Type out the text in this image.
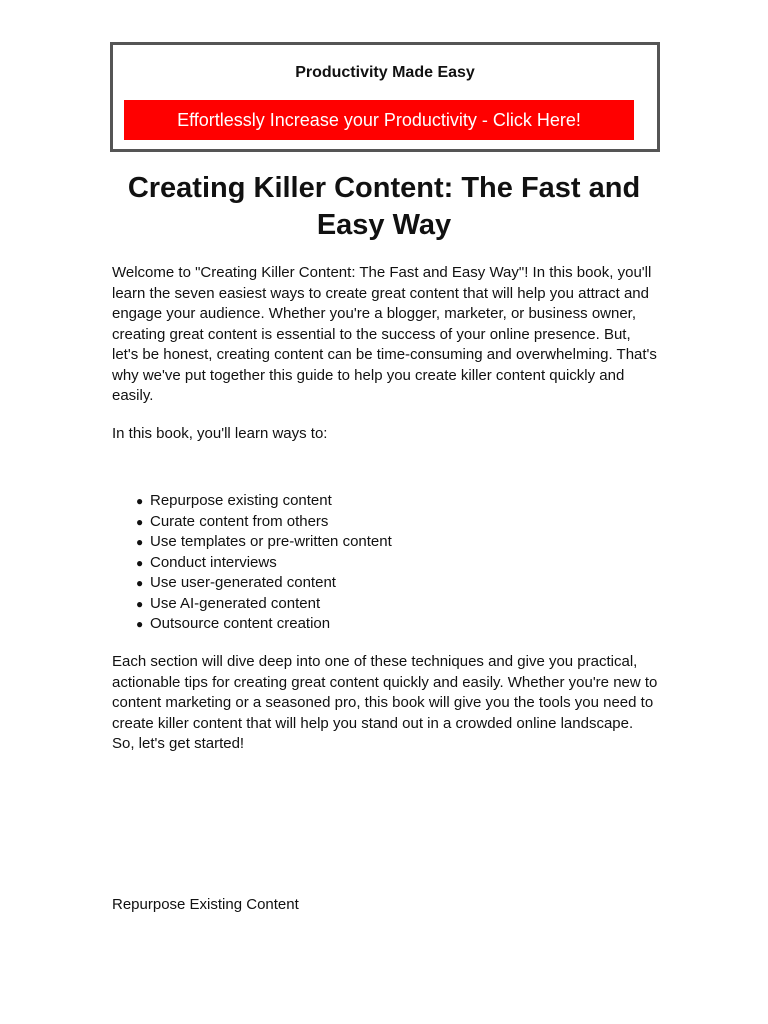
Productivity Made Easy
Effortlessly Increase your Productivity - Click Here!
Creating Killer Content: The Fast and Easy Way

Welcome to "Creating Killer Content: The Fast and Easy Way"! In this book, you'll learn the seven easiest ways to create great content that will help you attract and engage your audience. Whether you're a blogger, marketer, or business owner, creating great content is essential to the success of your online presence. But, let's be honest, creating content can be time-consuming and overwhelming. That's why we've put together this guide to help you create killer content quickly and easily.

In this book, you'll learn ways to:

● Repurpose existing content
● Curate content from others
● Use templates or pre-written content
● Conduct interviews
● Use user-generated content
● Use AI-generated content
● Outsource content creation

Each section will dive deep into one of these techniques and give you practical, actionable tips for creating great content quickly and easily. Whether you're new to content marketing or a seasoned pro, this book will give you the tools you need to create killer content that will help you stand out in a crowded online landscape. So, let's get started!

Repurpose Existing Content
